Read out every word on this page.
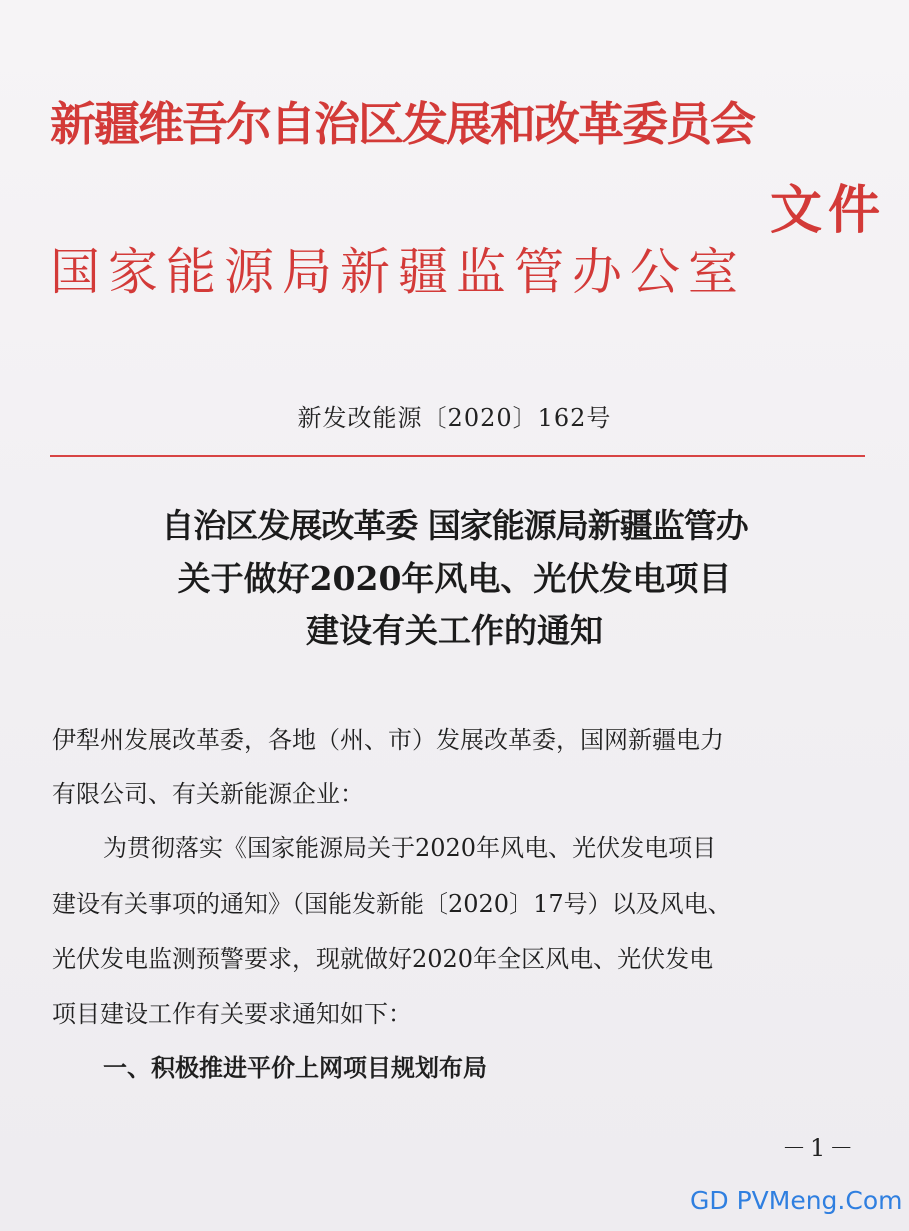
新疆维吾尔自治区发展和改革委员会
文件
国家能源局新疆监管办公室
新发改能源〔2020〕162号
自治区发展改革委 国家能源局新疆监管办
关于做好2020年风电、光伏发电项目
建设有关工作的通知

伊犁州发展改革委，各地（州、市）发展改革委，国网新疆电力

有限公司、有关新能源企业：

为贯彻落实《国家能源局关于2020年风电、光伏发电项目

建设有关事项的通知》（国能发新能〔2020〕17号）以及风电、

光伏发电监测预警要求，现就做好2020年全区风电、光伏发电

项目建设工作有关要求通知如下：

一、积极推进平价上网项目规划布局
－1－
GD PVMeng.Com
